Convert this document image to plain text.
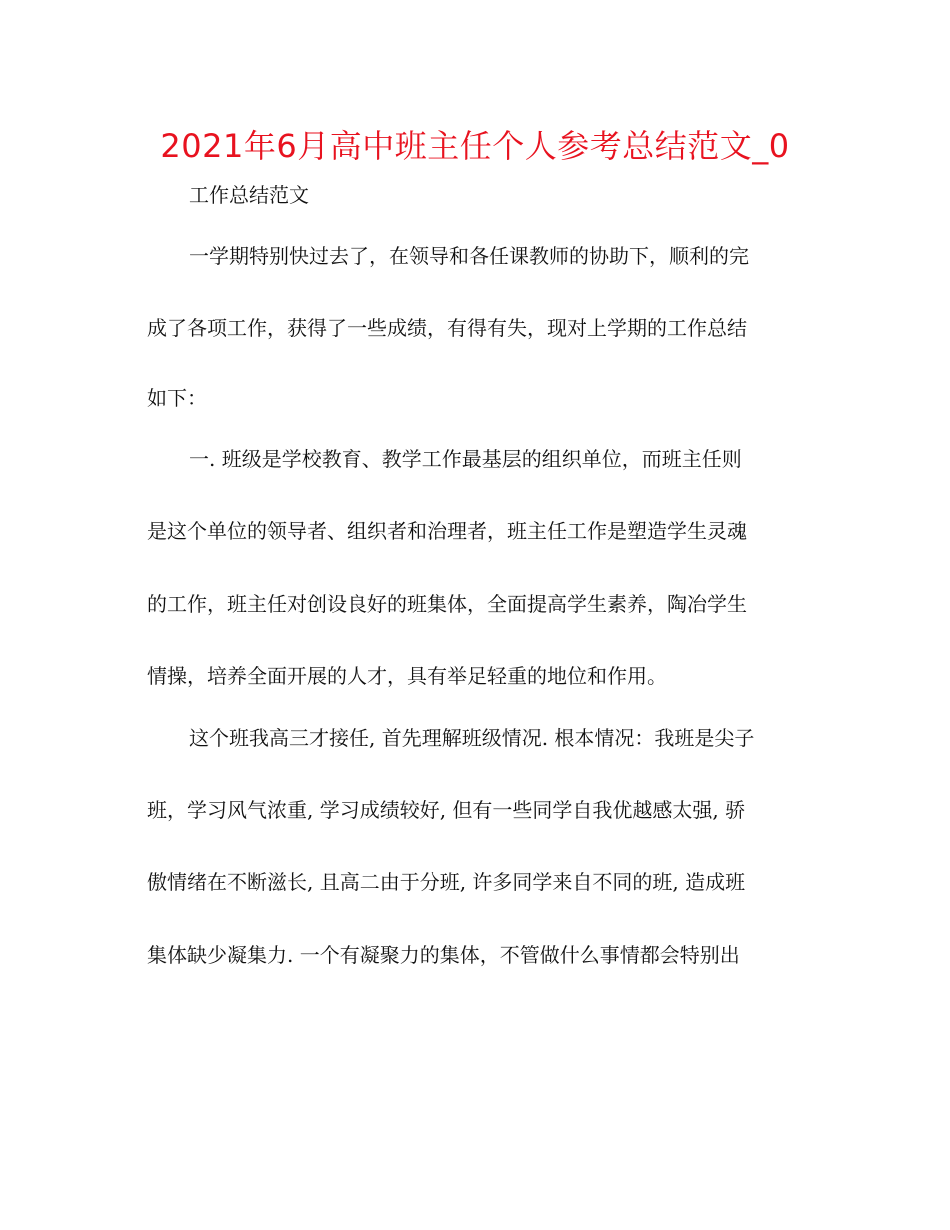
2021年6月高中班主任个人参考总结范文_0
工作总结范文
一学期特别快过去了，在领导和各任课教师的协助下，顺利的完
成了各项工作，获得了一些成绩，有得有失，现对上学期的工作总结
如下：
一. 班级是学校教育、教学工作最基层的组织单位，而班主任则
是这个单位的领导者、组织者和治理者，班主任工作是塑造学生灵魂
的工作，班主任对创设良好的班集体，全面提高学生素养，陶冶学生
情操，培养全面开展的人才，具有举足轻重的地位和作用。
这个班我高三才接任, 首先理解班级情况. 根本情况：我班是尖子
班，学习风气浓重, 学习成绩较好, 但有一些同学自我优越感太强, 骄
傲情绪在不断滋长, 且高二由于分班, 许多同学来自不同的班, 造成班
集体缺少凝集力. 一个有凝聚力的集体，不管做什么事情都会特别出
